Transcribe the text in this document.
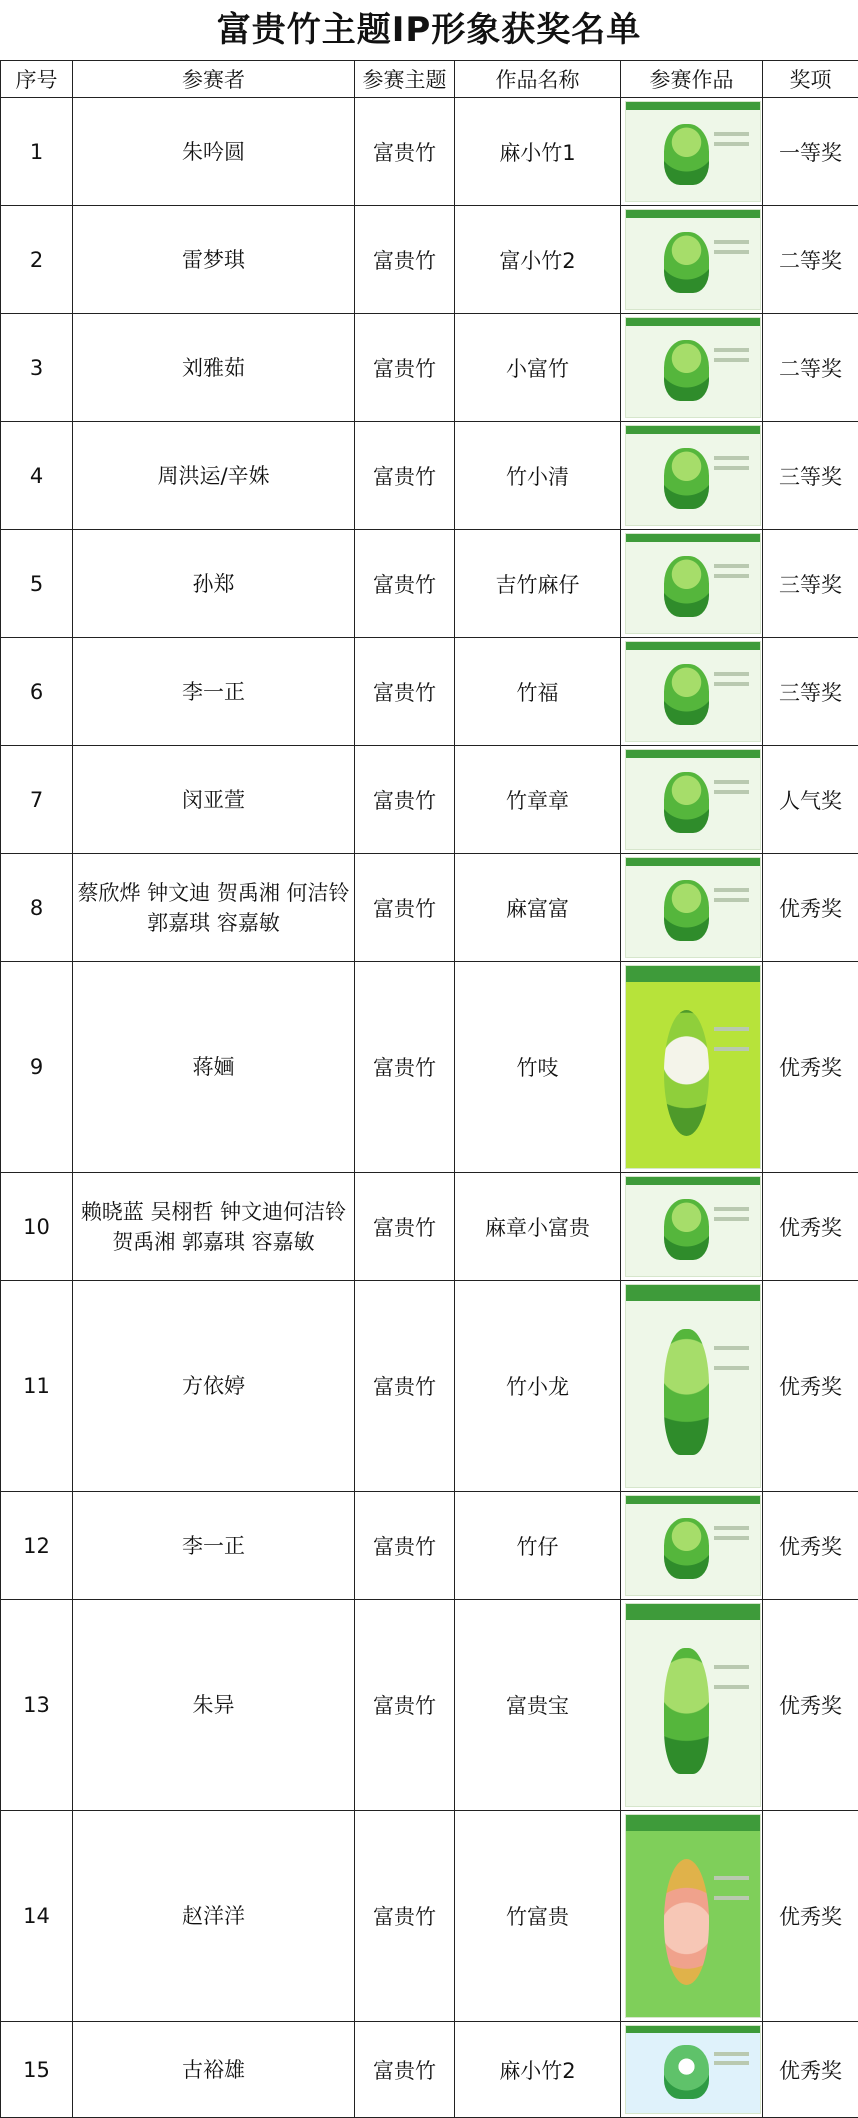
富贵竹主题IP形象获奖名单
序号	参赛者	参赛主题	作品名称	参赛作品	奖项
1	朱吟圆	富贵竹	麻小竹1		一等奖
2	雷梦琪	富贵竹	富小竹2		二等奖
3	刘雅茹	富贵竹	小富竹		二等奖
4	周洪运/辛姝	富贵竹	竹小清		三等奖
5	孙郑	富贵竹	吉竹麻仔		三等奖
6	李一正	富贵竹	竹福		三等奖
7	闵亚萱	富贵竹	竹章章		人气奖
8	蔡欣烨 钟文迪 贺禹湘 何洁铃 郭嘉琪 容嘉敏	富贵竹	麻富富		优秀奖
9	蒋婳	富贵竹	竹吱		优秀奖
10	赖晓蓝 吴栩哲 钟文迪何洁铃 贺禹湘 郭嘉琪 容嘉敏	富贵竹	麻章小富贵		优秀奖
11	方依婷	富贵竹	竹小龙		优秀奖
12	李一正	富贵竹	竹仔		优秀奖
13	朱异	富贵竹	富贵宝		优秀奖
14	赵洋洋	富贵竹	竹富贵		优秀奖
15	古裕雄	富贵竹	麻小竹2		优秀奖
